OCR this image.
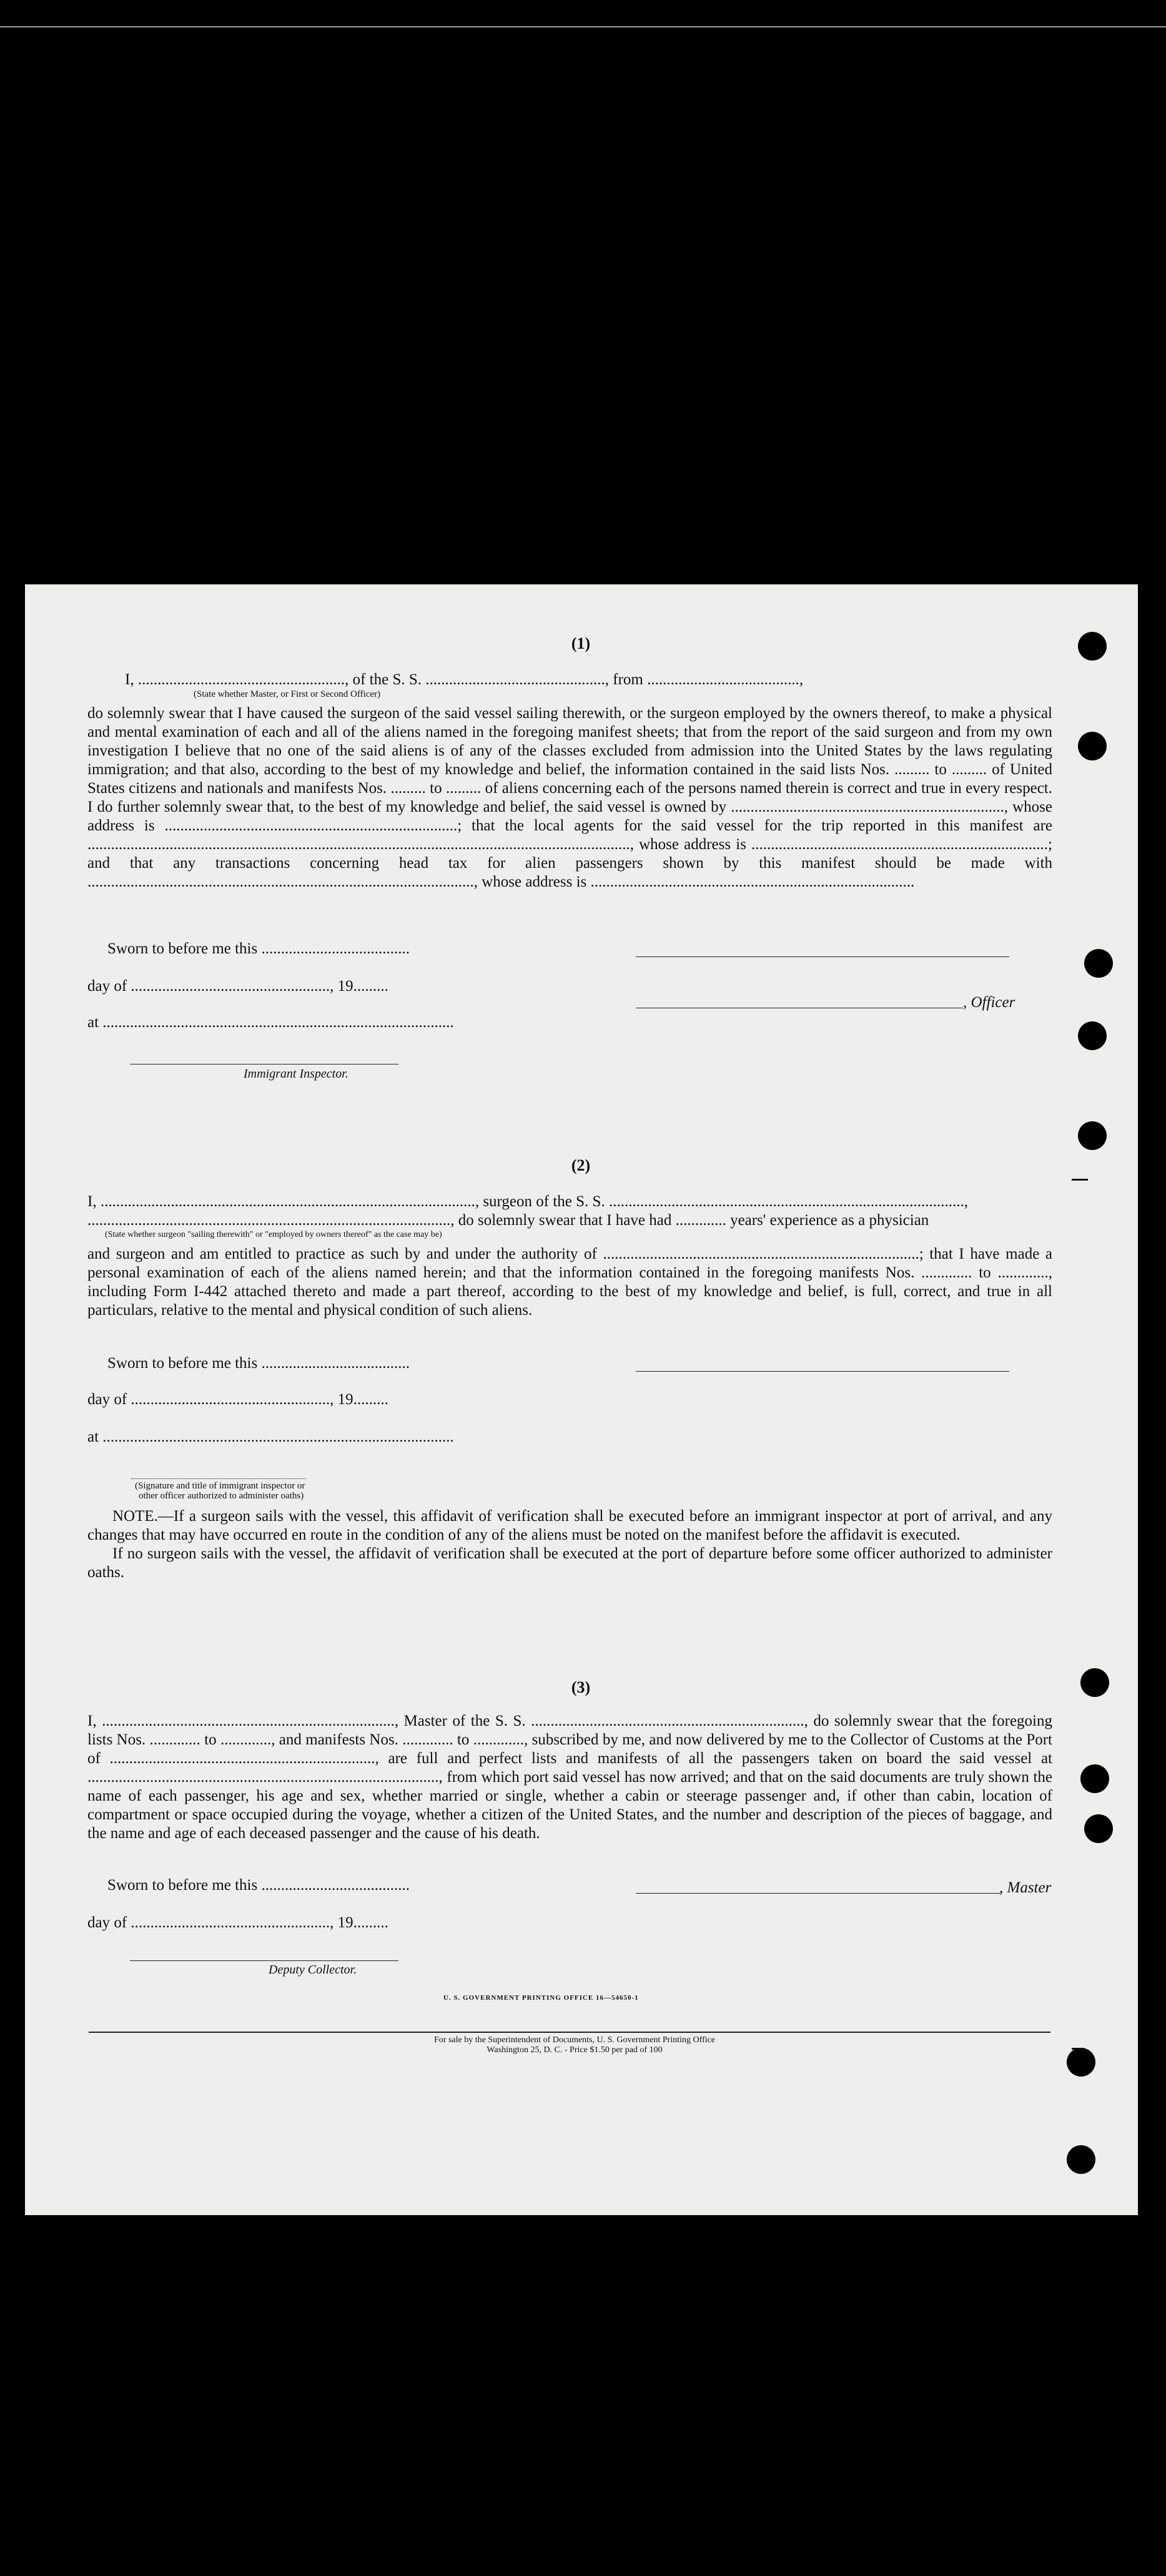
(1)
I, ....................................................., of the S. S. .............................................., from .......................................,
(State whether Master, or First or Second Officer)

do solemnly swear that I have caused the surgeon of the said vessel sailing therewith, or the surgeon employed by the owners thereof, to make a physical and mental examination of each and all of the aliens named in the foregoing manifest sheets; that from the report of the said surgeon and from my own investigation I believe that no one of the said aliens is of any of the classes excluded from admission into the United States by the laws regulating immigration; and that also, according to the best of my knowledge and belief, the information contained in the said lists Nos. ......... to ......... of United States citizens and nationals and manifests Nos. ......... to ......... of aliens concerning each of the persons named therein is correct and true in every respect. I do further solemnly swear that, to the best of my knowledge and belief, the said vessel is owned by ......................................................................, whose address is ...........................................................................; that the local agents for the said vessel for the trip reported in this manifest are ..........................................................................................................................................., whose address is ............................................................................; and that any transactions concerning head tax for alien passengers shown by this manifest should be made with ..................................................................................................., whose address is ...................................................................................

Sworn to before me this ......................................
day of ..................................................., 19.........
at ..........................................................................................
Immigrant Inspector.
, Officer
(2)
I, ................................................................................................, surgeon of the S. S. ...........................................................................................,
............................................................................................., do solemnly swear that I have had ............. years' experience as a physician
(State whether surgeon "sailing therewith" or "employed by owners thereof" as the case may be)

and surgeon and am entitled to practice as such by and under the authority of .................................................................................; that I have made a personal examination of each of the aliens named herein; and that the information contained in the foregoing manifests Nos. ............. to ............., including Form I-442 attached thereto and made a part thereof, according to the best of my knowledge and belief, is full, correct, and true in all particulars, relative to the mental and physical condition of such aliens.

Sworn to before me this ......................................
day of ..................................................., 19.........
at ..........................................................................................
(Signature and title of immigrant inspector or
other officer authorized to administer oaths)

NOTE.—If a surgeon sails with the vessel, this affidavit of verification shall be executed before an immigrant inspector at port of arrival, and any changes that may have occurred en route in the condition of any of the aliens must be noted on the manifest before the affidavit is executed.

If no surgeon sails with the vessel, the affidavit of verification shall be executed at the port of departure before some officer authorized to administer oaths.

(3)

I, ..........................................................................., Master of the S. S. ......................................................................, do solemnly swear that the foregoing lists Nos. ............. to ............., and manifests Nos. ............. to ............., subscribed by me, and now delivered by me to the Collector of Customs at the Port of ...................................................................., are full and perfect lists and manifests of all the passengers taken on board the said vessel at .........................................................................................., from which port said vessel has now arrived; and that on the said documents are truly shown the name of each passenger, his age and sex, whether married or single, whether a cabin or steerage passenger and, if other than cabin, location of compartment or space occupied during the voyage, whether a citizen of the United States, and the number and description of the pieces of baggage, and the name and age of each deceased passenger and the cause of his death.

Sworn to before me this ......................................
day of ..................................................., 19.........
, Master
Deputy Collector.
U. S. GOVERNMENT PRINTING OFFICE 16—54650-1
For sale by the Superintendent of Documents, U. S. Government Printing Office
Washington 25, D. C. - Price $1.50 per pad of 100
